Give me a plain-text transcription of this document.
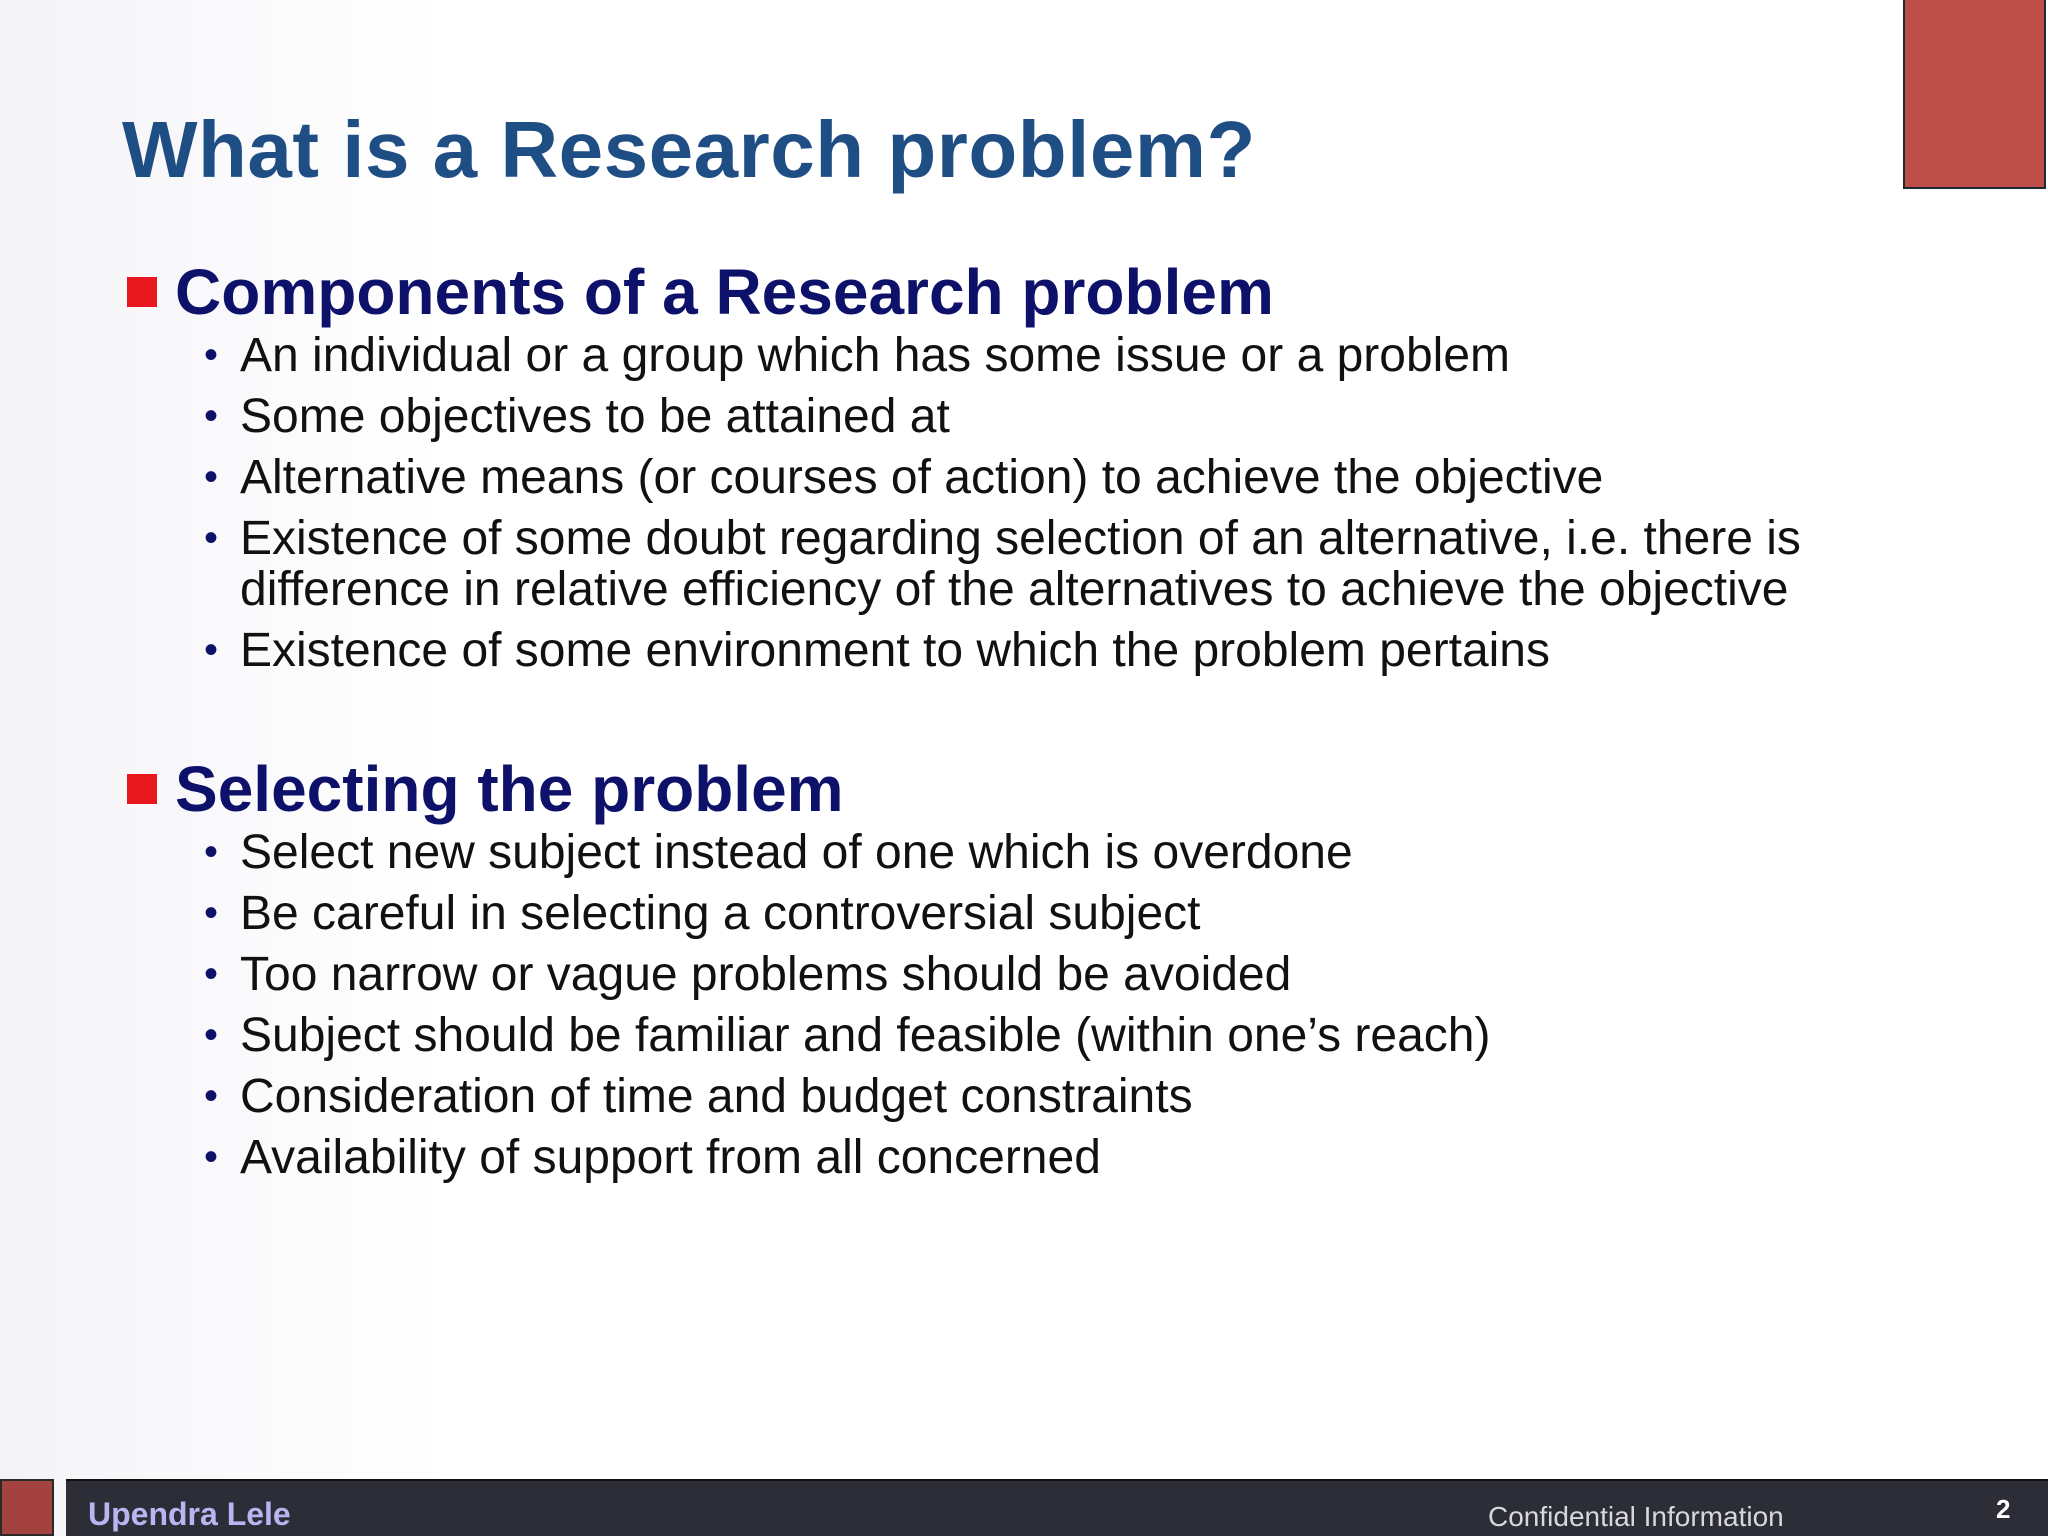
What is a Research problem?
Components of a Research problem
• An individual or a group which has some issue or a problem
• Some objectives to be attained at
• Alternative means (or courses of action) to achieve the objective
• Existence of some doubt regarding selection of an alternative, i.e. there is difference in relative efficiency of the alternatives to achieve the objective
• Existence of some environment to which the problem pertains
Selecting the problem
• Select new subject instead of one which is overdone
• Be careful in selecting a controversial subject
• Too narrow or vague problems should be avoided
• Subject should be familiar and feasible (within one’s reach)
• Consideration of time and budget constraints
• Availability of support from all concerned
Upendra Lele	Confidential Information	2
